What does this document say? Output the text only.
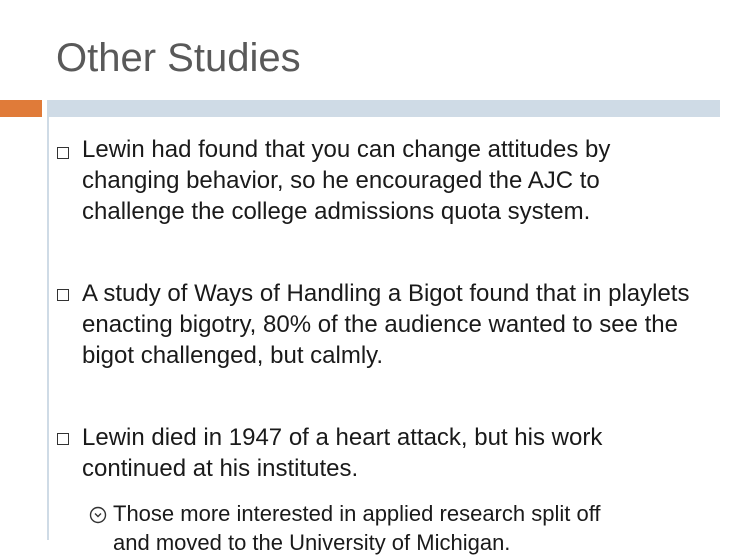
Other Studies
Lewin had found that you can change attitudes by changing behavior, so he encouraged the AJC to challenge the college admissions quota system.
A study of Ways of Handling a Bigot found that in playlets enacting bigotry, 80% of the audience wanted to see the bigot challenged, but calmly.
Lewin died in 1947 of a heart attack, but his work continued at his institutes.
Those more interested in applied research split off
and moved to the University of Michigan.
